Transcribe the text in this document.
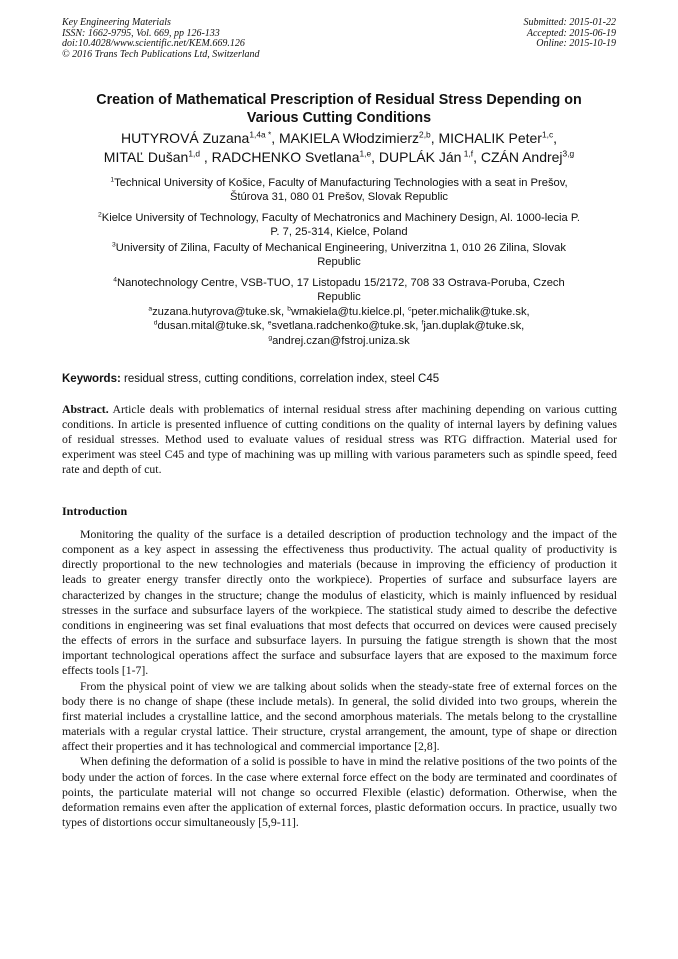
Key Engineering Materials
ISSN: 1662-9795, Vol. 669, pp 126-133
doi:10.4028/www.scientific.net/KEM.669.126
© 2016 Trans Tech Publications Ltd, Switzerland
Submitted: 2015-01-22
Accepted: 2015-06-19
Online: 2015-10-19
Creation of Mathematical Prescription of Residual Stress Depending on
Various Cutting Conditions
HUTYROVÁ Zuzana$^{1,4a *}$, MAKIELA Włodzimierz$^{2,b}$, MICHALIK Peter$^{1,c}$,
MITAĽ Dušan$^{1,d}$ , RADCHENKO Svetlana$^{1,e}$, DUPLÁK Ján $^{1,f}$, CZÁN Andrej$^{3,g}$
$^1$Technical University of Košice, Faculty of Manufacturing Technologies with a seat in Prešov,
Štúrova 31, 080 01 Prešov, Slovak Republic
$^2$Kielce University of Technology, Faculty of Mechatronics and Machinery Design, Al. 1000-lecia P.
P. 7, 25-314, Kielce, Poland
$^3$University of Zilina, Faculty of Mechanical Engineering, Univerzitna 1, 010 26 Zilina, Slovak
Republic
$^4$Nanotechnology Centre, VSB-TUO, 17 Listopadu 15/2172, 708 33 Ostrava-Poruba, Czech
Republic
$^a$zuzana.hutyrova@tuke.sk, $^b$wmakiela@tu.kielce.pl, $^c$peter.michalik@tuke.sk,
$^d$dusan.mital@tuke.sk, $^e$svetlana.radchenko@tuke.sk, $^f$jan.duplak@tuke.sk,
$^g$andrej.czan@fstroj.uniza.sk
Keywords: residual stress, cutting conditions, correlation index, steel C45
Abstract. Article deals with problematics of internal residual stress after machining depending on various cutting conditions. In article is presented influence of cutting conditions on the quality of internal layers by defining values of residual stresses. Method used to evaluate values of residual stress was RTG diffraction. Material used for experiment was steel C45 and type of machining was up milling with various parameters such as spindle speed, feed rate and depth of cut.
Introduction

Monitoring the quality of the surface is a detailed description of production technology and the impact of the component as a key aspect in assessing the effectiveness thus productivity. The actual quality of productivity is directly proportional to the new technologies and materials (because in improving the efficiency of production it leads to greater energy transfer directly onto the workpiece). Properties of surface and subsurface layers are characterized by changes in the structure; change the modulus of elasticity, which is mainly influenced by residual stresses in the surface and subsurface layers of the workpiece. The statistical study aimed to describe the defective conditions in engineering was set final evaluations that most defects that occurred on devices were caused precisely the effects of errors in the surface and subsurface layers. In pursuing the fatigue strength is shown that the most important technological operations affect the surface and subsurface layers that are exposed to the maximum force effects tools [1-7].

From the physical point of view we are talking about solids when the steady-state free of external forces on the body there is no change of shape (these include metals). In general, the solid divided into two groups, wherein the first material includes a crystalline lattice, and the second amorphous materials. The metals belong to the crystalline materials with a regular crystal lattice. Their structure, crystal arrangement, the amount, type of shape or direction affect their properties and it has technological and commercial importance [2,8].

When defining the deformation of a solid is possible to have in mind the relative positions of the two points of the body under the action of forces. In the case where external force effect on the body are terminated and coordinates of points, the particulate material will not change so occurred Flexible (elastic) deformation. Otherwise, when the deformation remains even after the application of external forces, plastic deformation occurs. In practice, usually two types of distortions occur simultaneously [5,9-11].
